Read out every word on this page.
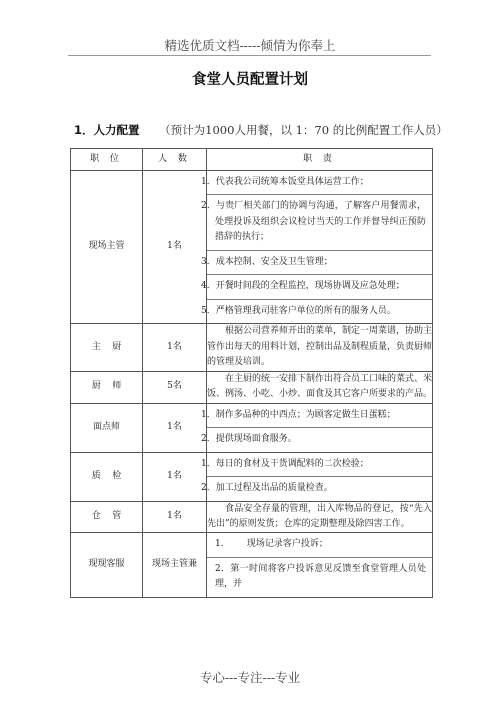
精选优质文档-----倾情为你奉上
食堂人员配置计划
1．人力配置 （预计为1000人用餐，以 1：70 的比例配置工作人员）
职 位	人 数	职 责
现场主管	1名	1．代表我公司统筹本饭堂具体运营工作；
2．与贵厂相关部门的协调与沟通，了解客户用餐需求，处理投诉及组织会议检讨当天的工作并督导纠正预防措辞的执行；
3．成本控制、安全及卫生管理；
4．开餐时间段的全程监控，现场协调及应急处理；
5．严格管理我司驻客户单位的所有的服务人员。

主    厨	1名	根据公司营养师开出的菜单，制定一周菜谱，协助主管作出每天的用料计划，控制出品及制程质量，负责厨师的管理及培训。

厨    师	5名	在主厨的统一安排下制作出符合员工口味的菜式、米饭、例汤、小吃、小炒、面食及其它客户所要求的产品。

面点师	1名	1．制作多品种的中西点；为顾客定做生日蛋糕；
2．提供现场面食服务。

质    检	1名	1．每日的食材及干货调配料的二次检验；
2．加工过程及出品的质量检查。

仓    管	1名	食品安全存量的管理，出入库物品的登记，按“先入先出”的原则发货；仓库的定期整理及除四害工作。

现现客服	现场主管兼	1．      现场记录客户投诉；
2．第一时间将客户投诉意见反馈至食堂管理人员处理，并
专心---专注---专业
